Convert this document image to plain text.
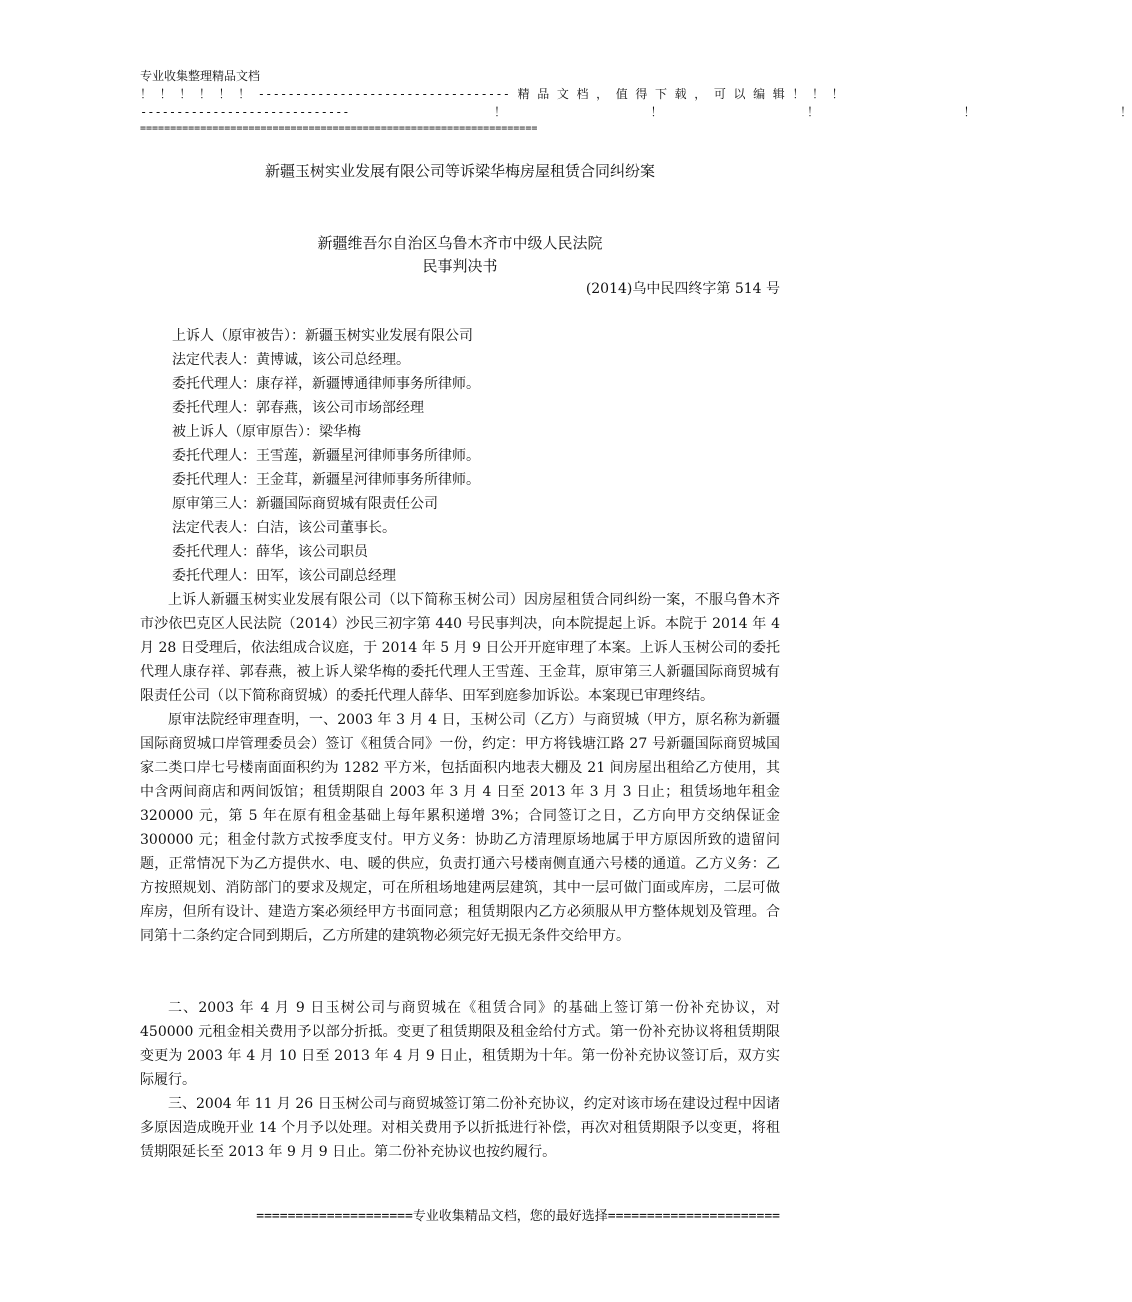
专业收集整理精品文档
！ ！ ！ ！ ！ ！ ---------------------------------- 精 品 文 档 ， 值 得 下 载 ， 可 以 编 辑 ！ ！ ！
-----------------------------                    ！                    ！                    ！                    ！                    ！
==================================================================
新疆玉树实业发展有限公司等诉梁华梅房屋租赁合同纠纷案
新疆维吾尔自治区乌鲁木齐市中级人民法院
民事判决书
(2014)乌中民四终字第 514 号
上诉人（原审被告）：新疆玉树实业发展有限公司
法定代表人：黄博诚，该公司总经理。
委托代理人：康存祥，新疆博通律师事务所律师。
委托代理人：郭春燕，该公司市场部经理
被上诉人（原审原告）：梁华梅
委托代理人：王雪莲，新疆星河律师事务所律师。
委托代理人：王金茸，新疆星河律师事务所律师。
原审第三人：新疆国际商贸城有限责任公司
法定代表人：白洁，该公司董事长。
委托代理人：薛华，该公司职员
委托代理人：田军，该公司副总经理

上诉人新疆玉树实业发展有限公司（以下简称玉树公司）因房屋租赁合同纠纷一案，不服乌鲁木齐市沙依巴克区人民法院（2014）沙民三初字第 440 号民事判决，向本院提起上诉。本院于 2014 年 4 月 28 日受理后，依法组成合议庭，于 2014 年 5 月 9 日公开开庭审理了本案。上诉人玉树公司的委托代理人康存祥、郭春燕，被上诉人梁华梅的委托代理人王雪莲、王金茸，原审第三人新疆国际商贸城有限责任公司（以下简称商贸城）的委托代理人薛华、田军到庭参加诉讼。本案现已审理终结。

原审法院经审理查明，一、2003 年 3 月 4 日，玉树公司（乙方）与商贸城（甲方，原名称为新疆国际商贸城口岸管理委员会）签订《租赁合同》一份，约定：甲方将钱塘江路 27 号新疆国际商贸城国家二类口岸七号楼南面面积约为 1282 平方米，包括面积内地表大棚及 21 间房屋出租给乙方使用，其中含两间商店和两间饭馆；租赁期限自 2003 年 3 月 4 日至 2013 年 3 月 3 日止；租赁场地年租金 320000 元，第 5 年在原有租金基础上每年累积递增 3%；合同签订之日，乙方向甲方交纳保证金 300000 元；租金付款方式按季度支付。甲方义务：协助乙方清理原场地属于甲方原因所致的遗留问题，正常情况下为乙方提供水、电、暖的供应，负责打通六号楼南侧直通六号楼的通道。乙方义务：乙方按照规划、消防部门的要求及规定，可在所租场地建两层建筑，其中一层可做门面或库房，二层可做库房，但所有设计、建造方案必须经甲方书面同意；租赁期限内乙方必须服从甲方整体规划及管理。合同第十二条约定合同到期后，乙方所建的建筑物必须完好无损无条件交给甲方。

二、2003 年 4 月 9 日玉树公司与商贸城在《租赁合同》的基础上签订第一份补充协议，对 450000 元租金相关费用予以部分折抵。变更了租赁期限及租金给付方式。第一份补充协议将租赁期限变更为 2003 年 4 月 10 日至 2013 年 4 月 9 日止，租赁期为十年。第一份补充协议签订后，双方实际履行。

三、2004 年 11 月 26 日玉树公司与商贸城签订第二份补充协议，约定对该市场在建设过程中因诸多原因造成晚开业 14 个月予以处理。对相关费用予以折抵进行补偿，再次对租赁期限予以变更，将租赁期限延长至 2013 年 9 月 9 日止。第二份补充协议也按约履行。

====================专业收集精品文档，您的最好选择======================
